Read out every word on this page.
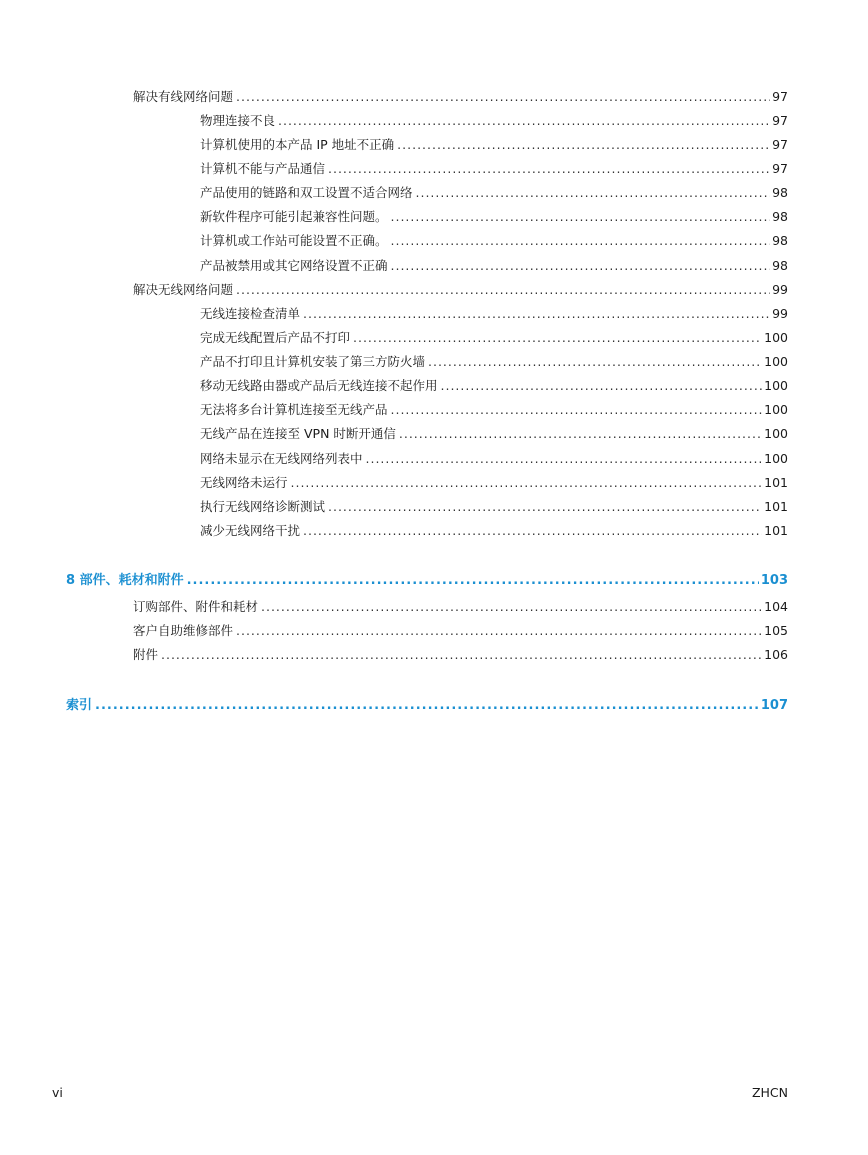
解决有线网络问题 .....	97
物理连接不良 .....	97
计算机使用的本产品 IP 地址不正确 .....	97
计算机不能与产品通信 .....	97
产品使用的链路和双工设置不适合网络 .....	98
新软件程序可能引起兼容性问题。 .....	98
计算机或工作站可能设置不正确。 .....	98
产品被禁用或其它网络设置不正确 .....	98
解决无线网络问题 .....	99
无线连接检查清单 .....	99
完成无线配置后产品不打印 .....	100
产品不打印且计算机安装了第三方防火墙 .....	100
移动无线路由器或产品后无线连接不起作用 .....	100
无法将多台计算机连接至无线产品 .....	100
无线产品在连接至 VPN 时断开通信 .....	100
网络未显示在无线网络列表中 .....	100
无线网络未运行 .....	101
执行无线网络诊断测试 .....	101
减少无线网络干扰 .....	101
8 部件、耗材和附件 .....	103
订购部件、附件和耗材 .....	104
客户自助维修部件 .....	105
附件 .....	106
索引 .....	107
vi	ZHCN
